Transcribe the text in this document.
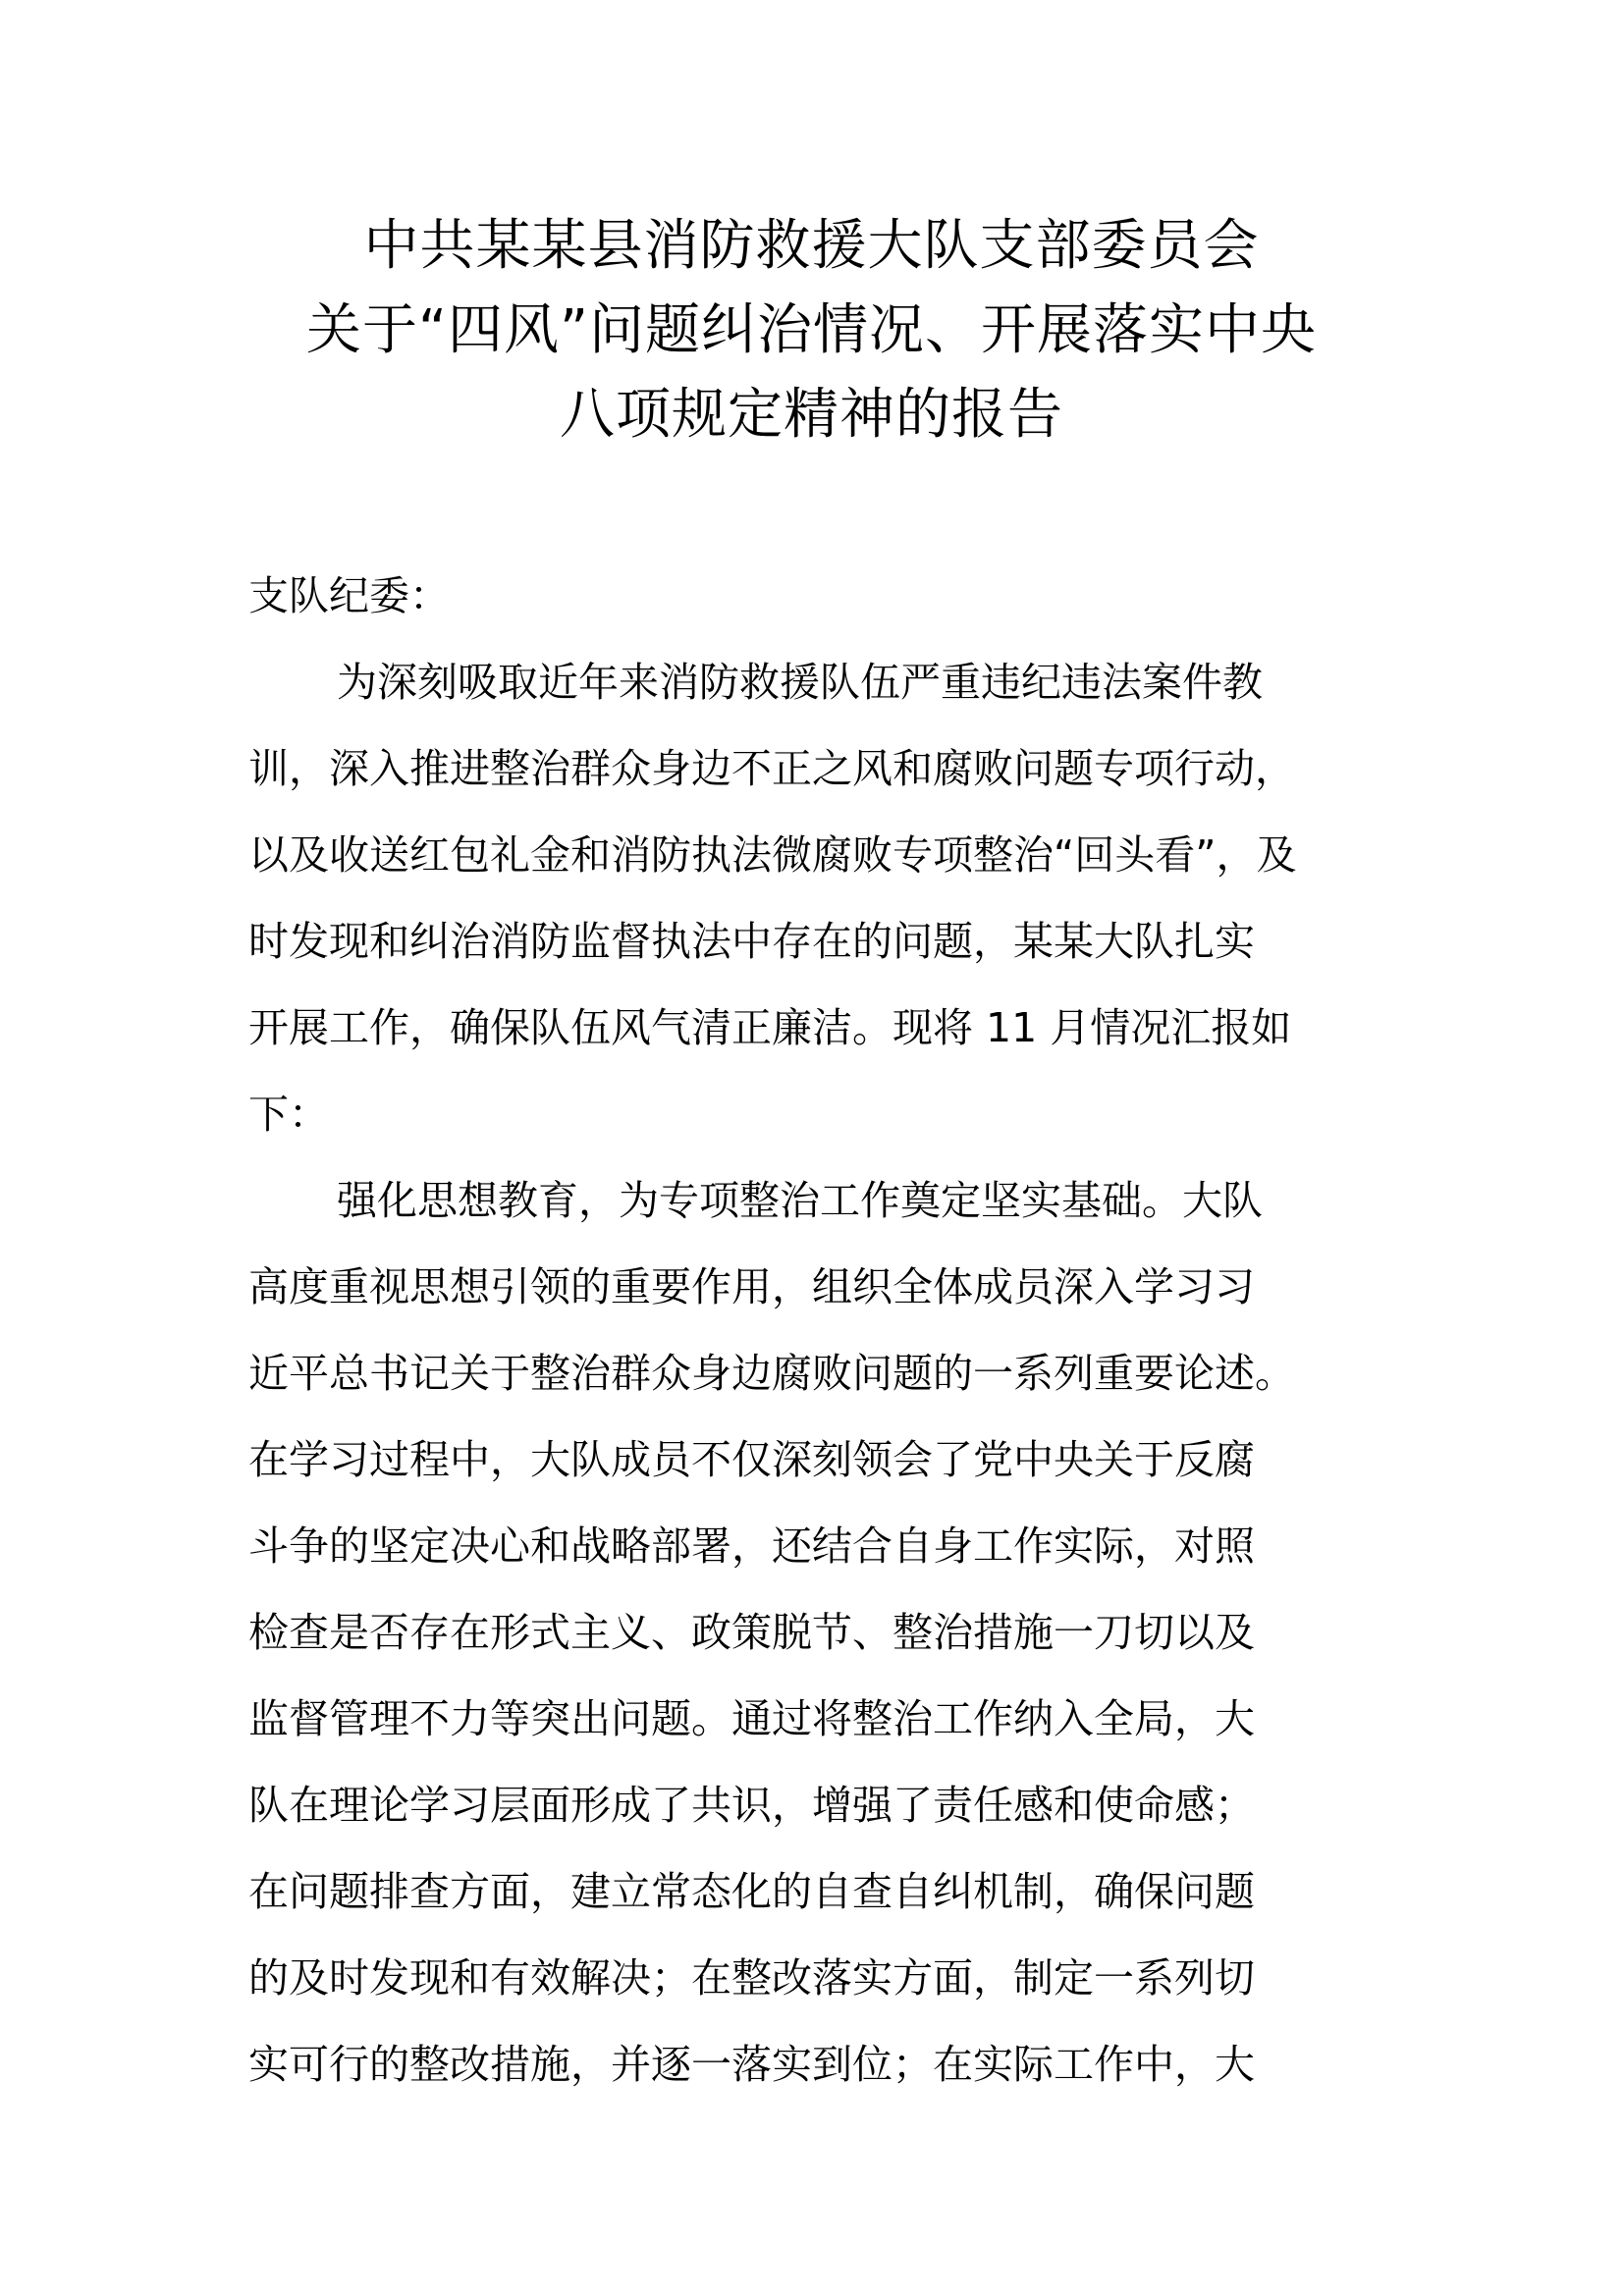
中共某某县消防救援大队支部委员会
关于“四风”问题纠治情况、开展落实中央
八项规定精神的报告
支队纪委：
为深刻吸取近年来消防救援队伍严重违纪违法案件教
训，深入推进整治群众身边不正之风和腐败问题专项行动，
以及收送红包礼金和消防执法微腐败专项整治“回头看”，及
时发现和纠治消防监督执法中存在的问题，某某大队扎实
开展工作，确保队伍风气清正廉洁。现将 11 月情况汇报如
下：
强化思想教育，为专项整治工作奠定坚实基础。大队
高度重视思想引领的重要作用，组织全体成员深入学习习
近平总书记关于整治群众身边腐败问题的一系列重要论述。
在学习过程中，大队成员不仅深刻领会了党中央关于反腐
斗争的坚定决心和战略部署，还结合自身工作实际，对照
检查是否存在形式主义、政策脱节、整治措施一刀切以及
监督管理不力等突出问题。通过将整治工作纳入全局，大
队在理论学习层面形成了共识，增强了责任感和使命感；
在问题排查方面，建立常态化的自查自纠机制，确保问题
的及时发现和有效解决；在整改落实方面，制定一系列切
实可行的整改措施，并逐一落实到位；在实际工作中，大
